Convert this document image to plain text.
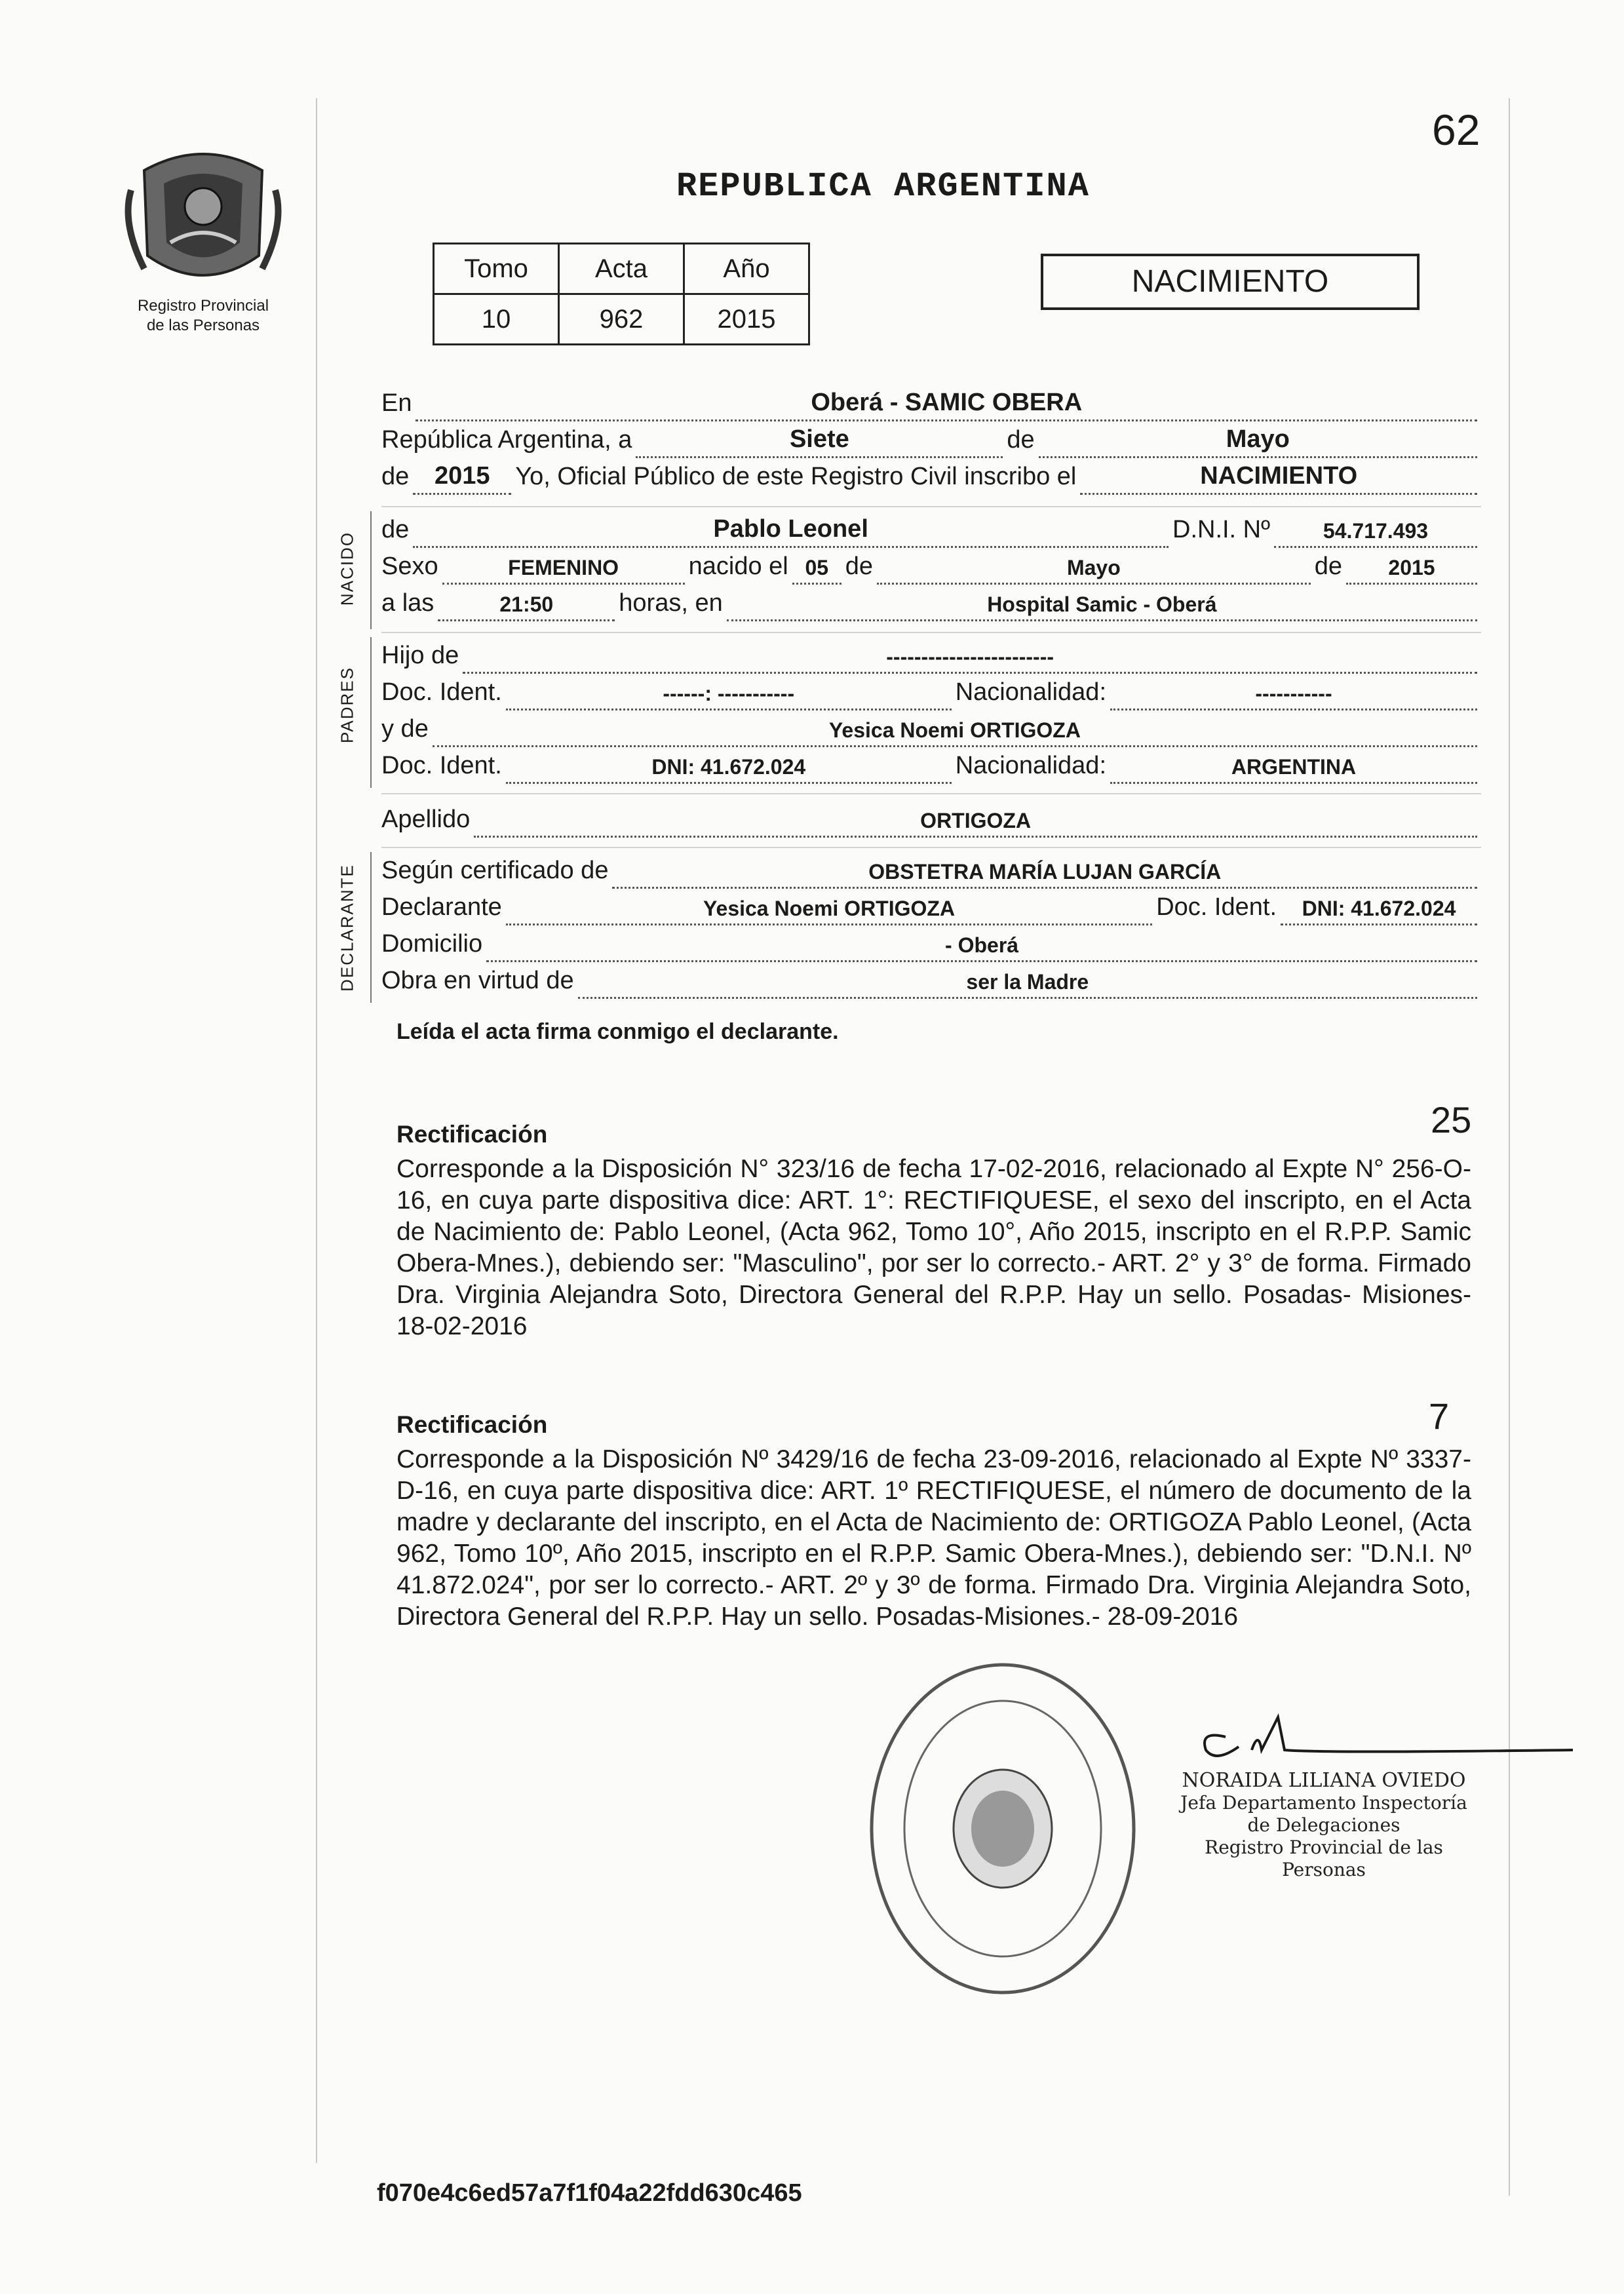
Registro Provincial
de las Personas
62
REPUBLICA ARGENTINA
Tomo	Acta	Año
10	962	2015
NACIMIENTO
En	Oberá - SAMIC OBERA
República Argentina, a	Siete	de	Mayo
de 2015 Yo, Oficial Público de este Registro Civil inscribo el	NACIMIENTO
NACIDO
de	Pablo Leonel	D.N.I. Nº	54.717.493
Sexo	FEMENINO	nacido el 05 de	Mayo	de 2015
a las	21:50	horas, en	Hospital Samic - Oberá
PADRES
Hijo de	------------------------
Doc. Ident.	------: -----------	Nacionalidad:	-----------
y de	Yesica Noemi ORTIGOZA
Doc. Ident.	DNI: 41.672.024	Nacionalidad:	ARGENTINA
Apellido	ORTIGOZA
DECLARANTE Según certificado de	OBSTETRA MARÍA LUJAN GARCÍA
Declarante	Yesica Noemi ORTIGOZA	Doc. Ident. DNI: 41.672.024
Domicilio	- Oberá
Obra en virtud de	ser la Madre
Leída el acta firma conmigo el declarante.
25
Rectificación
Corresponde a la Disposición N° 323/16 de fecha 17-02-2016, relacionado al Expte N° 256-O-16, en cuya parte dispositiva dice: ART. 1°: RECTIFIQUESE, el sexo del inscripto, en el Acta de Nacimiento de: Pablo Leonel, (Acta 962, Tomo 10°, Año 2015, inscripto en el R.P.P. Samic Obera-Mnes.), debiendo ser: "Masculino", por ser lo correcto.- ART. 2° y 3° de forma. Firmado Dra. Virginia Alejandra Soto, Directora General del R.P.P. Hay un sello. Posadas- Misiones- 18-02-2016
7
Rectificación
Corresponde a la Disposición Nº 3429/16 de fecha 23-09-2016, relacionado al Expte Nº 3337-D-16, en cuya parte dispositiva dice: ART. 1º RECTIFIQUESE, el número de documento de la madre y declarante del inscripto, en el Acta de Nacimiento de: ORTIGOZA Pablo Leonel, (Acta 962, Tomo 10º, Año 2015, inscripto en el R.P.P. Samic Obera-Mnes.), debiendo ser: "D.N.I. Nº 41.872.024", por ser lo correcto.- ART. 2º y 3º de forma. Firmado Dra. Virginia Alejandra Soto, Directora General del R.P.P. Hay un sello. Posadas-Misiones.- 28-09-2016
NORAIDA LILIANA OVIEDO
Jefa Departamento Inspectoría
de Delegaciones
Registro Provincial de las Personas
f070e4c6ed57a7f1f04a22fdd630c465
